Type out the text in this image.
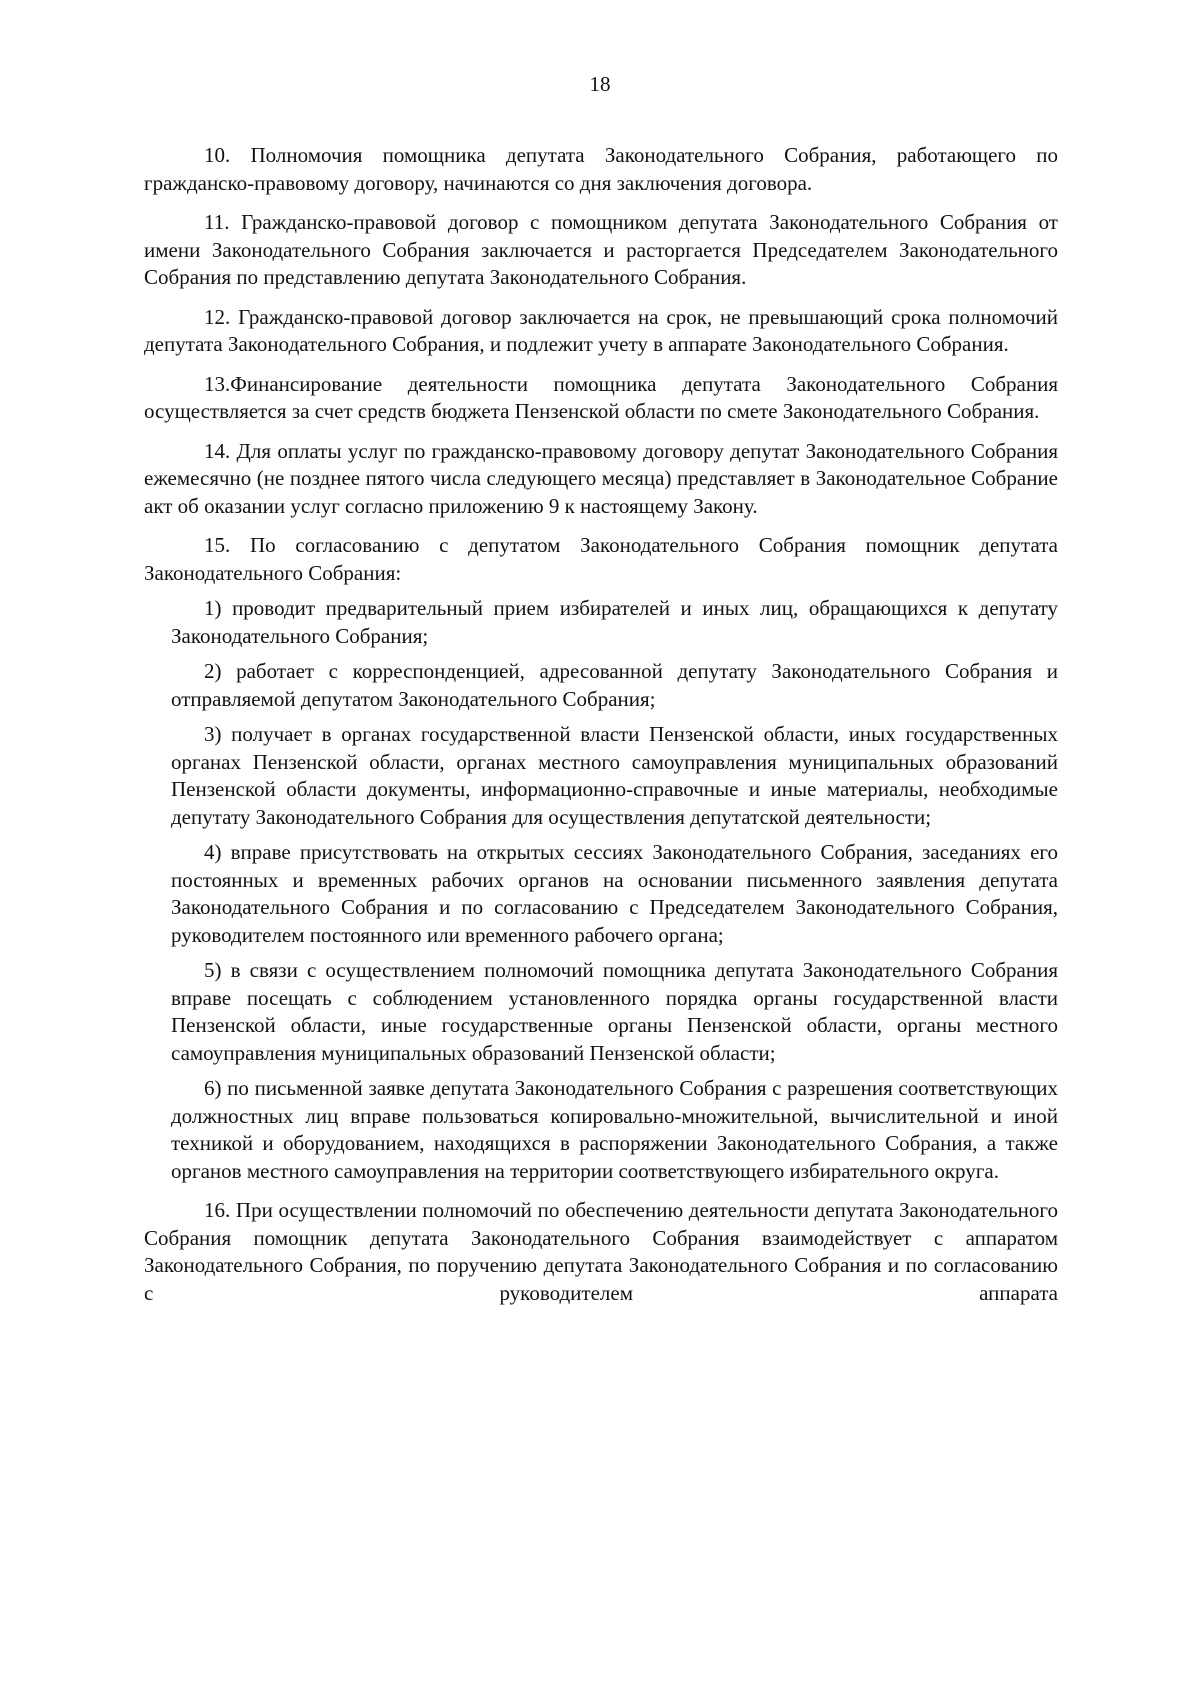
18

10. Полномочия помощника депутата Законодательного Собрания, работающего по гражданско-правовому договору, начинаются со дня заключения договора.

11. Гражданско-правовой договор с помощником депутата Законодательного Собрания от имени Законодательного Собрания заключается и расторгается Председателем Законодательного Собрания по представлению депутата Законодательного Собрания.

12. Гражданско-правовой договор заключается на срок, не превышающий срока полномочий депутата Законодательного Собрания, и подлежит учету в аппарате Законодательного Собрания.

13.Финансирование деятельности помощника депутата Законодательного Собрания осуществляется за счет средств бюджета Пензенской области по смете Законодательного Собрания.

14. Для оплаты услуг по гражданско-правовому договору депутат Законодательного Собрания ежемесячно (не позднее пятого числа следующего месяца) представляет в Законодательное Собрание акт об оказании услуг согласно приложению 9 к настоящему Закону.

15. По согласованию с депутатом Законодательного Собрания помощник депутата Законодательного Собрания:

1) проводит предварительный прием избирателей и иных лиц, обращающихся к депутату Законодательного Собрания;

2) работает с корреспонденцией, адресованной депутату Законодательного Собрания и отправляемой депутатом Законодательного Собрания;

3) получает в органах государственной власти Пензенской области, иных государственных органах Пензенской области, органах местного самоуправления муниципальных образований Пензенской области документы, информационно-справочные и иные материалы, необходимые депутату Законодательного Собрания для осуществления депутатской деятельности;

4) вправе присутствовать на открытых сессиях Законодательного Собрания, заседаниях его постоянных и временных рабочих органов на основании письменного заявления депутата Законодательного Собрания и по согласованию с Председателем Законодательного Собрания, руководителем постоянного или временного рабочего органа;

5) в связи с осуществлением полномочий помощника депутата Законодательного Собрания вправе посещать с соблюдением установленного порядка органы государственной власти Пензенской области, иные государственные органы Пензенской области, органы местного самоуправления муниципальных образований Пензенской области;

6) по письменной заявке депутата Законодательного Собрания с разрешения соответствующих должностных лиц вправе пользоваться копировально-множительной, вычислительной и иной техникой и оборудованием, находящихся в распоряжении Законодательного Собрания, а также органов местного самоуправления на территории соответствующего избирательного округа.

16. При осуществлении полномочий по обеспечению деятельности депутата Законодательного Собрания помощник депутата Законодательного Собрания взаимодействует с аппаратом Законодательного Собрания, по поручению депутата Законодательного Собрания и по согласованию с руководителем аппарата
